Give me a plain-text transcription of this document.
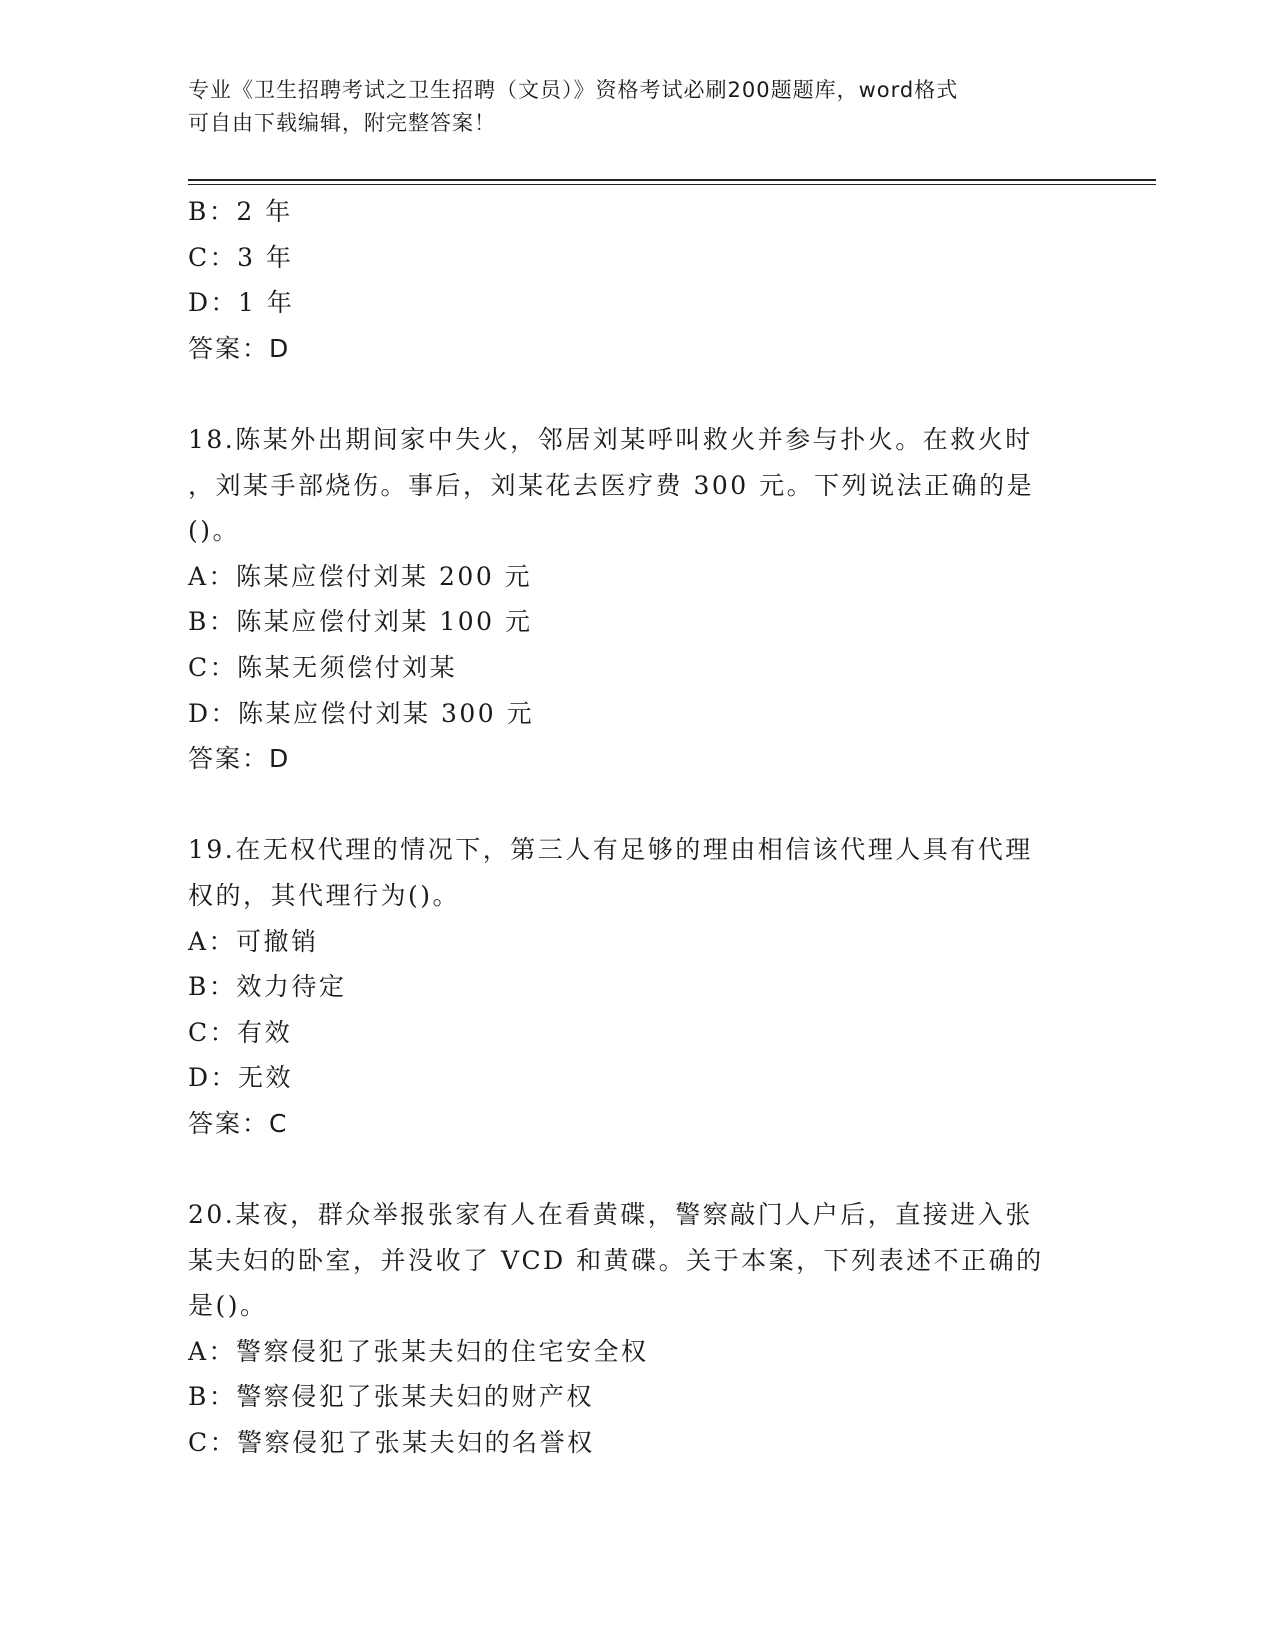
专业《卫生招聘考试之卫生招聘（文员）》资格考试必刷200题题库，word格式
可自由下载编辑，附完整答案！

B：2 年

C：3 年

D：1 年

答案：D

18.陈某外出期间家中失火，邻居刘某呼叫救火并参与扑火。在救火时

，刘某手部烧伤。事后，刘某花去医疗费 300 元。下列说法正确的是

()。

A：陈某应偿付刘某 200 元

B：陈某应偿付刘某 100 元

C：陈某无须偿付刘某

D：陈某应偿付刘某 300 元

答案：D

19.在无权代理的情况下，第三人有足够的理由相信该代理人具有代理

权的，其代理行为()。

A：可撤销

B：效力待定

C：有效

D：无效

答案：C

20.某夜，群众举报张家有人在看黄碟，警察敲门人户后，直接进入张

某夫妇的卧室，并没收了 VCD 和黄碟。关于本案，下列表述不正确的

是()。

A：警察侵犯了张某夫妇的住宅安全权

B：警察侵犯了张某夫妇的财产权

C：警察侵犯了张某夫妇的名誉权
